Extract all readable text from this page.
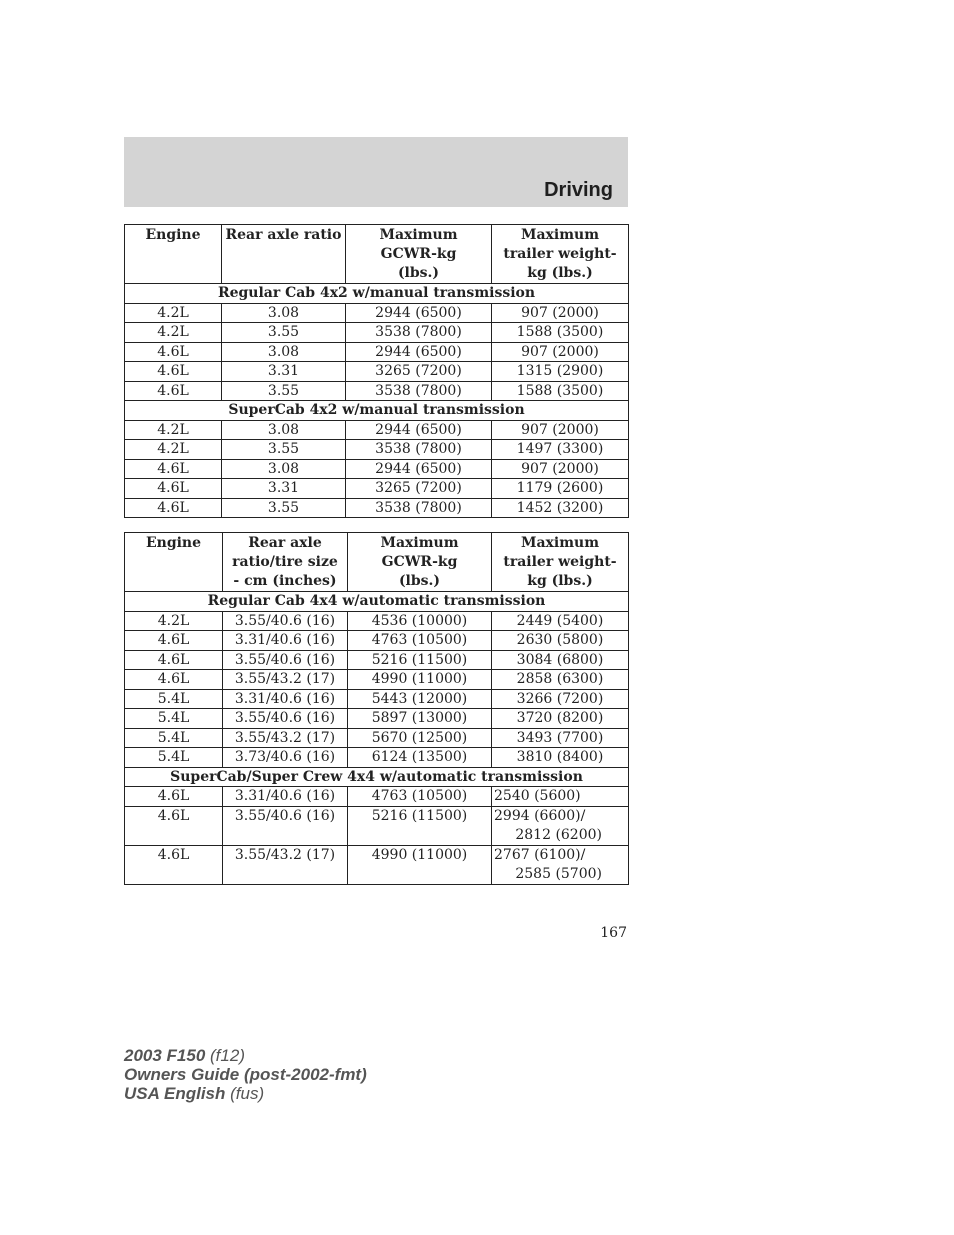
Driving
Engine	Rear axle ratio	Maximum GCWR-kg (lbs.)	Maximum trailer weight-kg (lbs.)
Regular Cab 4x2 w/manual transmission			
4.2L	3.08	2944 (6500)	907 (2000)
4.2L	3.55	3538 (7800)	1588 (3500)
4.6L	3.08	2944 (6500)	907 (2000)
4.6L	3.31	3265 (7200)	1315 (2900)
4.6L	3.55	3538 (7800)	1588 (3500)
SuperCab 4x2 w/manual transmission			
4.2L	3.08	2944 (6500)	907 (2000)
4.2L	3.55	3538 (7800)	1497 (3300)
4.6L	3.08	2944 (6500)	907 (2000)
4.6L	3.31	3265 (7200)	1179 (2600)
4.6L	3.55	3538 (7800)	1452 (3200)
Engine	Rear axle ratio/tire size - cm (inches)	Maximum GCWR-kg (lbs.)	Maximum trailer weight-kg (lbs.)
Regular Cab 4x4 w/automatic transmission			
4.2L	3.55/40.6 (16)	4536 (10000)	2449 (5400)
4.6L	3.31/40.6 (16)	4763 (10500)	2630 (5800)
4.6L	3.55/40.6 (16)	5216 (11500)	3084 (6800)
4.6L	3.55/43.2 (17)	4990 (11000)	2858 (6300)
5.4L	3.31/40.6 (16)	5443 (12000)	3266 (7200)
5.4L	3.55/40.6 (16)	5897 (13000)	3720 (8200)
5.4L	3.55/43.2 (17)	5670 (12500)	3493 (7700)
5.4L	3.73/40.6 (16)	6124 (13500)	3810 (8400)
SuperCab/Super Crew 4x4 w/automatic transmission			
4.6L	3.31/40.6 (16)	4763 (10500)	2540 (5600)
4.6L	3.55/40.6 (16)	5216 (11500)	2994 (6600)/
2812 (6200)

4.6L	3.55/43.2 (17)	4990 (11000)	2767 (6100)/
2585 (5700)

167

2003 F150 (f12)
Owners Guide (post-2002-fmt)
USA English (fus)
